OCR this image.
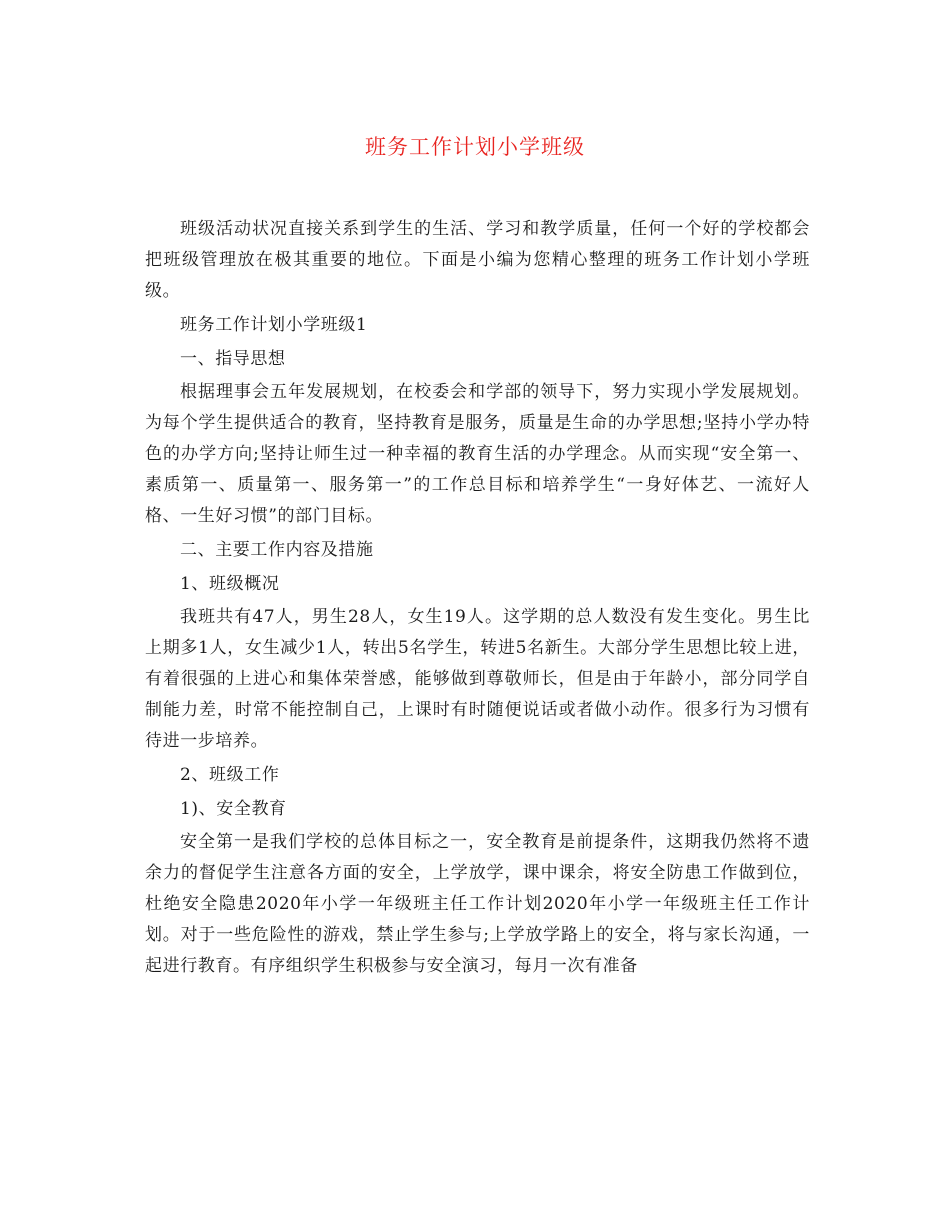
班务工作计划小学班级

班级活动状况直接关系到学生的生活、学习和教学质量，任何一个好的学校都会把班级管理放在极其重要的地位。下面是小编为您精心整理的班务工作计划小学班级。

班务工作计划小学班级1

一、指导思想

根据理事会五年发展规划，在校委会和学部的领导下，努力实现小学发展规划。为每个学生提供适合的教育，坚持教育是服务，质量是生命的办学思想;坚持小学办特色的办学方向;坚持让师生过一种幸福的教育生活的办学理念。从而实现“安全第一、素质第一、质量第一、服务第一”的工作总目标和培养学生“一身好体艺、一流好人格、一生好习惯”的部门目标。

二、主要工作内容及措施

1、班级概况

我班共有47人，男生28人，女生19人。这学期的总人数没有发生变化。男生比上期多1人，女生减少1人，转出5名学生，转进5名新生。大部分学生思想比较上进，有着很强的上进心和集体荣誉感，能够做到尊敬师长，但是由于年龄小，部分同学自制能力差，时常不能控制自己，上课时有时随便说话或者做小动作。很多行为习惯有待进一步培养。

2、班级工作

1)、安全教育

安全第一是我们学校的总体目标之一，安全教育是前提条件，这期我仍然将不遗余力的督促学生注意各方面的安全，上学放学，课中课余，将安全防患工作做到位，杜绝安全隐患2020年小学一年级班主任工作计划2020年小学一年级班主任工作计划。对于一些危险性的游戏，禁止学生参与;上学放学路上的安全，将与家长沟通，一起进行教育。有序组织学生积极参与安全演习，每月一次有准备
